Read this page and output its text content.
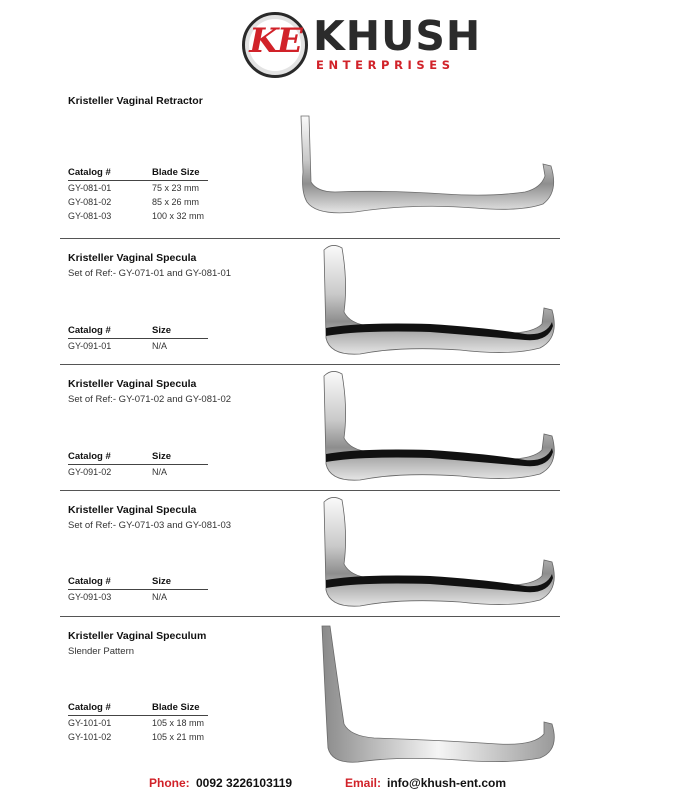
KE KHUSH
ENTERPRISES
Kristeller Vaginal Retractor
Catalog #	Blade Size
GY-081-01	75 x 23 mm
GY-081-02	85 x 26 mm
GY-081-03	100 x 32 mm
Kristeller Vaginal Specula
Set of Ref:- GY-071-01 and GY-081-01
Catalog #	Size
GY-091-01	N/A
Kristeller Vaginal Specula
Set of Ref:- GY-071-02 and GY-081-02
Catalog #	Size
GY-091-02	N/A
Kristeller Vaginal Specula
Set of Ref:- GY-071-03 and GY-081-03
Catalog #	Size
GY-091-03	N/A
Kristeller Vaginal Speculum
Slender Pattern
Catalog #	Blade Size
GY-101-01	105 x 18 mm
GY-101-02	105 x 21 mm
Phone: 0092 3226103119	Email: info@khush-ent.com
